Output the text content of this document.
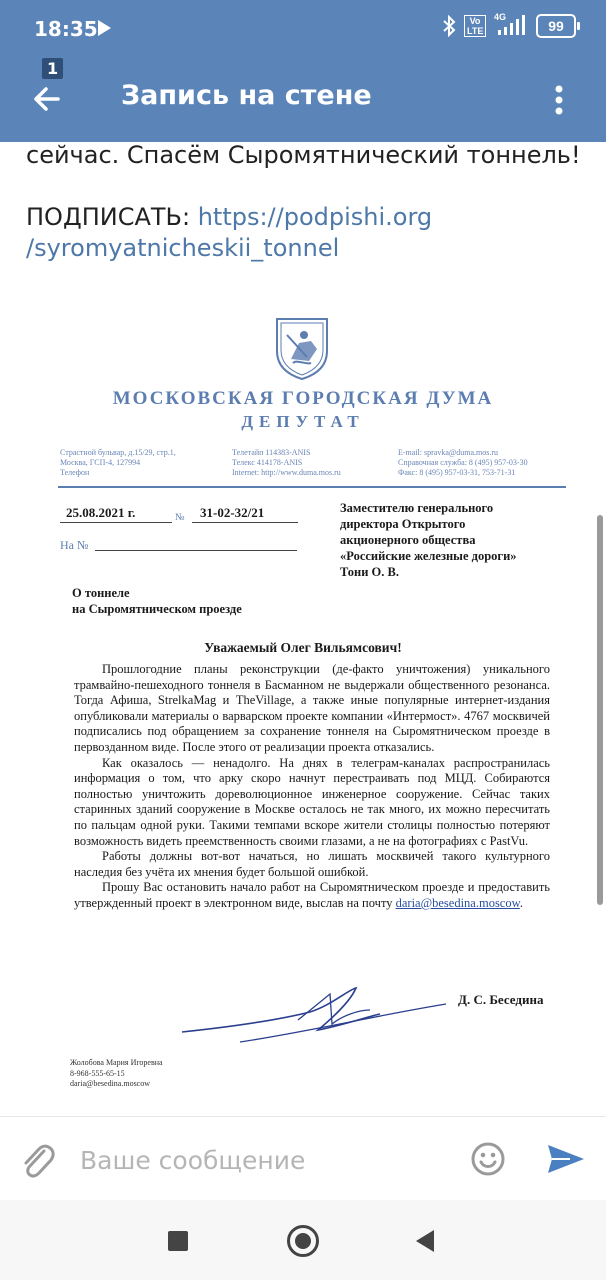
18:35	Vo LTE
4G
99
1
Запись на стене
сейчас. Спасём Сыромятнический тоннель!
ПОДПИСАТЬ: https://podpishi.org
/syromyatnicheskii_tonnel
МОСКОВСКАЯ ГОРОДСКАЯ ДУМА
ДЕПУТАТ
Страстной бульвар, д.15/29, стр.1,
Москва, ГСП-4, 127994
Телефон
Телетайп 114383-ANIS
Телекс 414178-ANIS
Internet: http://www.duma.mos.ru
E-mail: spravka@duma.mos.ru
Справочная служба: 8 (495) 957-03-30
Факс: 8 (495) 957-03-31, 753-71-31
25.08.2021 г.	№ 31-02-32/21
На №
Заместителю генерального
директора Открытого
акционерного общества
«Российские железные дороги»
Тони О. В.
О тоннеле
на Сыромятническом проезде
Уважаемый Олег Вильямсович!

Прошлогодние планы реконструкции (де-факто уничтожения) уникального трамвайно-пешеходного тоннеля в Басманном не выдержали общественного резонанса. Тогда Афиша, StrelkaMag и TheVillage, а также иные популярные интернет-издания опубликовали материалы о варварском проекте компании «Интермост». 4767 москвичей подписались под обращением за сохранение тоннеля на Сыромятническом проезде в первозданном виде. После этого от реализации проекта отказались.

Как оказалось — ненадолго. На днях в телеграм-каналах распространилась информация о том, что арку скоро начнут перестраивать под МЦД. Собираются полностью уничтожить дореволюционное инженерное сооружение. Сейчас таких старинных зданий сооружение в Москве осталось не так много, их можно пересчитать по пальцам одной руки. Такими темпами вскоре жители столицы полностью потеряют возможность видеть преемственность своими глазами, а не на фотографиях с PastVu.

Работы должны вот-вот начаться, но лишать москвичей такого культурного наследия без учёта их мнения будет большой ошибкой.

Прошу Вас остановить начало работ на Сыромятническом проезде и предоставить утвержденный проект в электронном виде, выслав на почту daria@besedina.moscow.

Д. С. Беседина
Жолобова Мария Игоревна
8-968-555-65-15
daria@besedina.moscow
Ваше сообщение
